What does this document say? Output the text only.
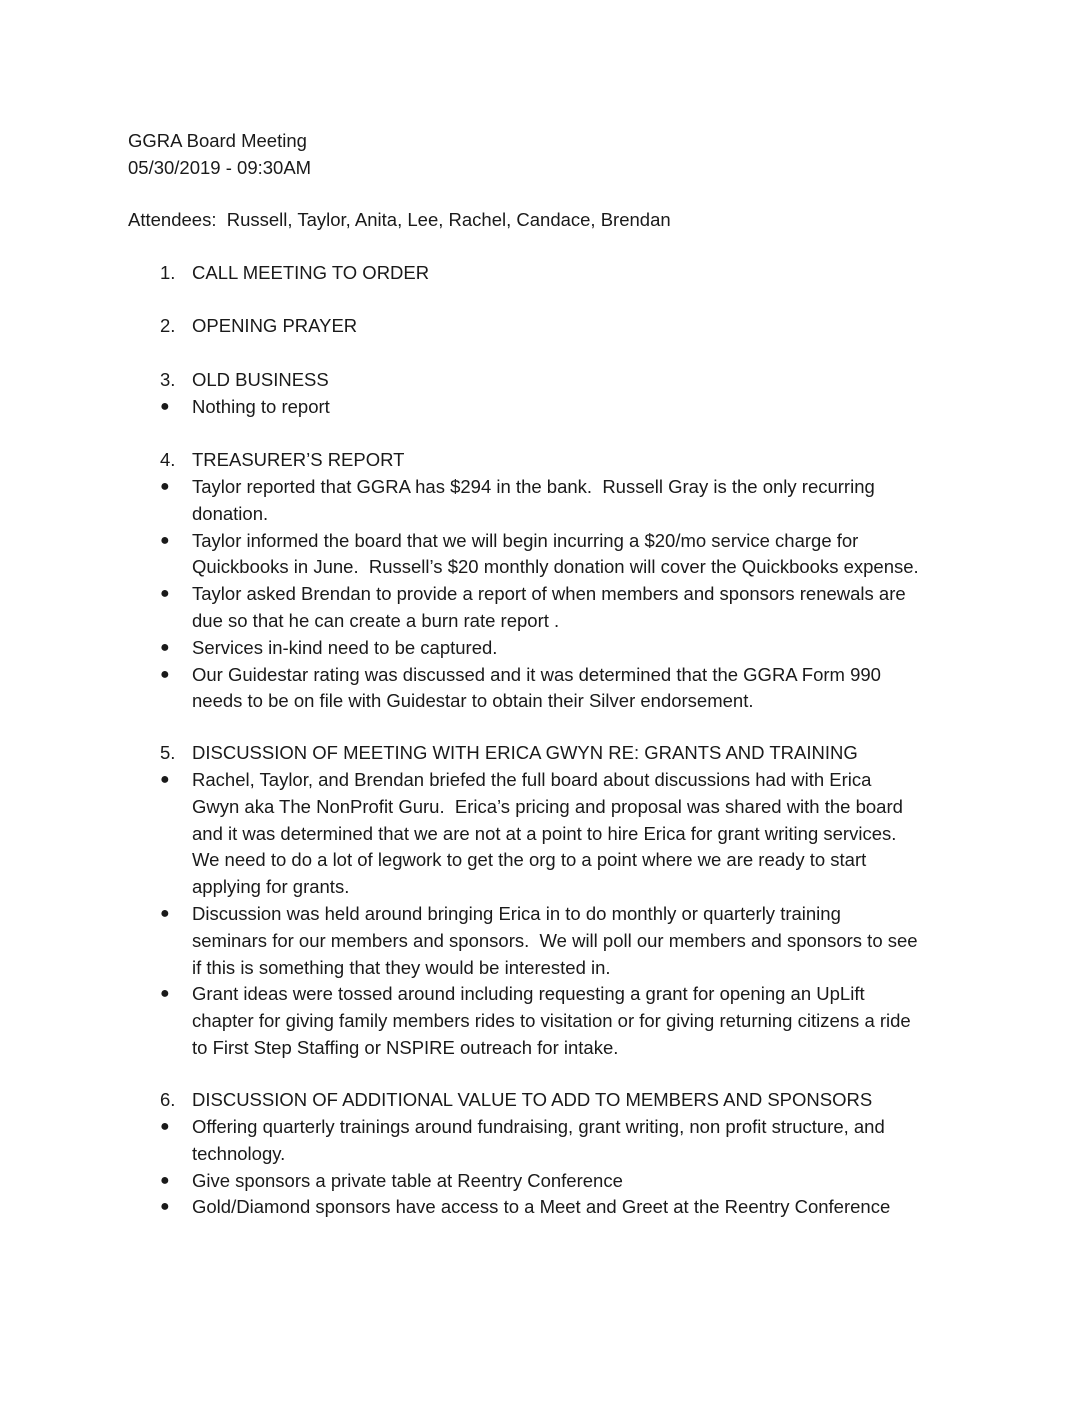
GGRA Board Meeting
05/30/2019 - 09:30AM
Attendees:  Russell, Taylor, Anita, Lee, Rachel, Candace, Brendan
1. CALL MEETING TO ORDER
2. OPENING PRAYER
3. OLD BUSINESS
● Nothing to report
4. TREASURER’S REPORT
● Taylor reported that GGRA has $294 in the bank.  Russell Gray is the only recurring
donation.
● Taylor informed the board that we will begin incurring a $20/mo service charge for
Quickbooks in June.  Russell’s $20 monthly donation will cover the Quickbooks expense.
● Taylor asked Brendan to provide a report of when members and sponsors renewals are
due so that he can create a burn rate report .
● Services in-kind need to be captured.
● Our Guidestar rating was discussed and it was determined that the GGRA Form 990
needs to be on file with Guidestar to obtain their Silver endorsement.
5. DISCUSSION OF MEETING WITH ERICA GWYN RE: GRANTS AND TRAINING
● Rachel, Taylor, and Brendan briefed the full board about discussions had with Erica
Gwyn aka The NonProfit Guru.  Erica’s pricing and proposal was shared with the board
and it was determined that we are not at a point to hire Erica for grant writing services.
We need to do a lot of legwork to get the org to a point where we are ready to start
applying for grants.
● Discussion was held around bringing Erica in to do monthly or quarterly training
seminars for our members and sponsors.  We will poll our members and sponsors to see
if this is something that they would be interested in.
● Grant ideas were tossed around including requesting a grant for opening an UpLift
chapter for giving family members rides to visitation or for giving returning citizens a ride
to First Step Staffing or NSPIRE outreach for intake.
6. DISCUSSION OF ADDITIONAL VALUE TO ADD TO MEMBERS AND SPONSORS
● Offering quarterly trainings around fundraising, grant writing, non profit structure, and
technology.
● Give sponsors a private table at Reentry Conference
● Gold/Diamond sponsors have access to a Meet and Greet at the Reentry Conference
